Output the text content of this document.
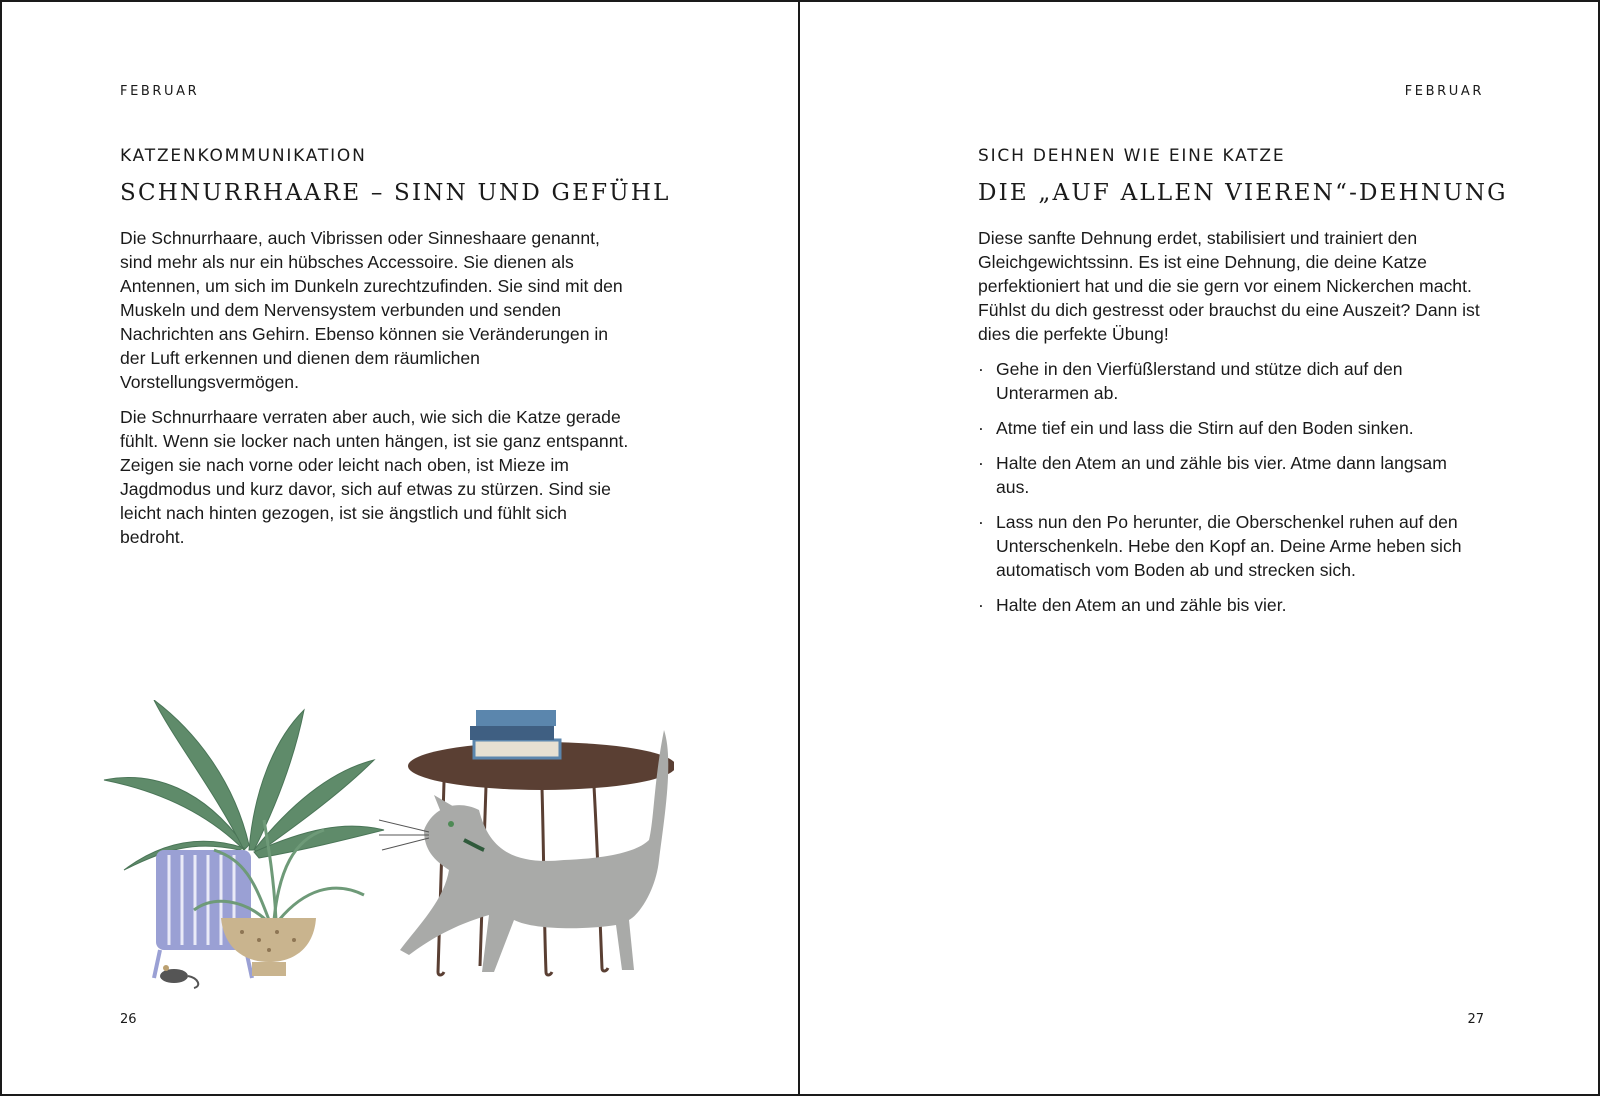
FEBRUAR
KATZENKOMMUNIKATION
SCHNURRHAARE – SINN UND GEFÜHL

Die Schnurrhaare, auch Vibrissen oder Sinneshaare genannt, sind mehr als nur ein hübsches Accessoire. Sie dienen als Antennen, um sich im Dunkeln zurechtzufinden. Sie sind mit den Muskeln und dem Nervensystem verbunden und senden Nachrichten ans Gehirn. Ebenso können sie Veränderungen in der Luft erkennen und dienen dem räumlichen Vorstellungsvermögen.

Die Schnurrhaare verraten aber auch, wie sich die Katze gerade fühlt. Wenn sie locker nach unten hängen, ist sie ganz entspannt. Zeigen sie nach vorne oder leicht nach oben, ist Mieze im Jagdmodus und kurz davor, sich auf etwas zu stürzen. Sind sie leicht nach hinten gezogen, ist sie ängstlich und fühlt sich bedroht.

26
FEBRUAR
SICH DEHNEN WIE EINE KATZE
DIE „AUF ALLEN VIEREN“-DEHNUNG

Diese sanfte Dehnung erdet, stabilisiert und trainiert den Gleichgewichtssinn. Es ist eine Dehnung, die deine Katze perfektioniert hat und die sie gern vor einem Nickerchen macht. Fühlst du dich gestresst oder brauchst du eine Auszeit? Dann ist dies die perfekte Übung!

· Gehe in den Vierfüßlerstand und stütze dich auf den Unterarmen ab.
· Atme tief ein und lass die Stirn auf den Boden sinken.
· Halte den Atem an und zähle bis vier. Atme dann langsam aus.
· Lass nun den Po herunter, die Oberschenkel ruhen auf den Unterschenkeln. Hebe den Kopf an. Deine Arme heben sich automatisch vom Boden ab und strecken sich.
· Halte den Atem an und zähle bis vier.
27
